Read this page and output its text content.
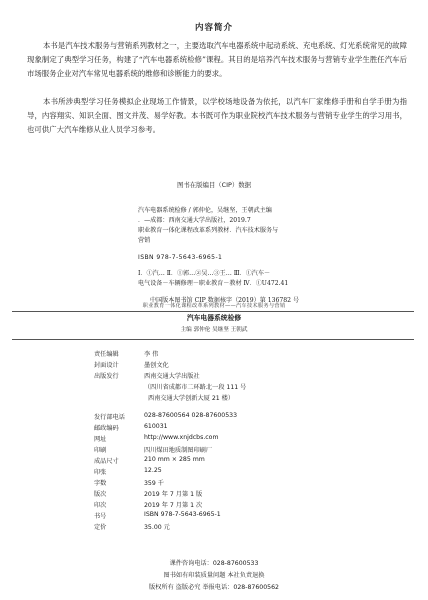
内容简介
本书是汽车技术服务与营销系列教材之一，主要选取汽车电器系统中起动系统、充电系统、灯光系统常见的故障现象制定了典型学习任务，构建了“汽车电器系统检修”课程。其目的是培养汽车技术服务与营销专业学生胜任汽车后市场服务企业对汽车常见电器系统的维修和诊断能力的要求。
本书所涉典型学习任务模拟企业现场工作情景，以学校场地设备为依托，以汽车厂家维修手册和自学手册为指导，内容翔实、知识全面、图文并茂、易学好教。本书既可作为职业院校汽车技术服务与营销专业学生的学习用书，也可供广大汽车维修从业人员学习参考。
图书在版编目（CIP）数据
汽车电器系统检修 / 郭仲伦，吴继坚，王朝武主编
．—成都：西南交通大学出版社，2019.7
职业教育一体化课程改革系列教材．汽车技术服务与
营销
ISBN 978-7-5643-6965-1
Ⅰ．①汽… Ⅱ．①郭…②吴…③王… Ⅲ．①汽车－
电气设备－车辆修理－职业教育－教材 Ⅳ．①U472.41
中国版本图书馆 CIP 数据核字（2019）第 136782 号
职业教育一体化课程改革系列教材——汽车技术服务与营销
汽车电器系统检修
主编 郭仲伦 吴继坚 王朝武
责任编辑	李 伟
封面设计	墨创文化
出版发行	西南交通大学出版社
（四川省成都市二环路北一段 111 号
西南交通大学创新大厦 21 楼）
发行部电话	028-87600564 028-87600533
邮政编码	610031
网址	http://www.xnjdcbs.com
印刷	四川煤田地质制图印刷厂
成品尺寸	210 mm × 285 mm
印张	12.25
字数	359 千
版次	2019 年 7 月第 1 版
印次	2019 年 7 月第 1 次
书号	ISBN 978-7-5643-6965-1
定价	35.00 元
课件咨询电话：028-87600533
图书如有印装质量问题 本社负责退换
版权所有 盗版必究 举报电话：028-87600562
